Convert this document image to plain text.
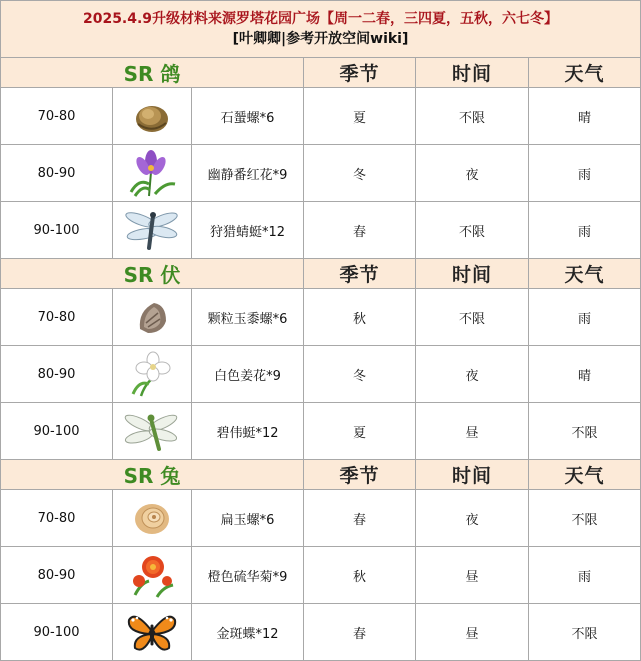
2025.4.9升级材料来源罗塔花园广场【周一二春，三四夏，五秋，六七冬】
[叶卿卿|参考开放空间wiki]					

SR 鸽			季节	时间	天气
70-80		石蜑螺*6	夏	不限	晴
80-90		幽静番红花*9	冬	夜	雨
90-100		狩猎蜻蜓*12	春	不限	雨
SR 伏			季节	时间	天气
70-80		颗粒玉黍螺*6	秋	不限	雨
80-90		白色姜花*9	冬	夜	晴
90-100		碧伟蜓*12	夏	昼	不限
SR 兔			季节	时间	天气
70-80		扁玉螺*6	春	夜	不限
80-90		橙色硫华菊*9	秋	昼	雨
90-100		金斑蝶*12	春	昼	不限
